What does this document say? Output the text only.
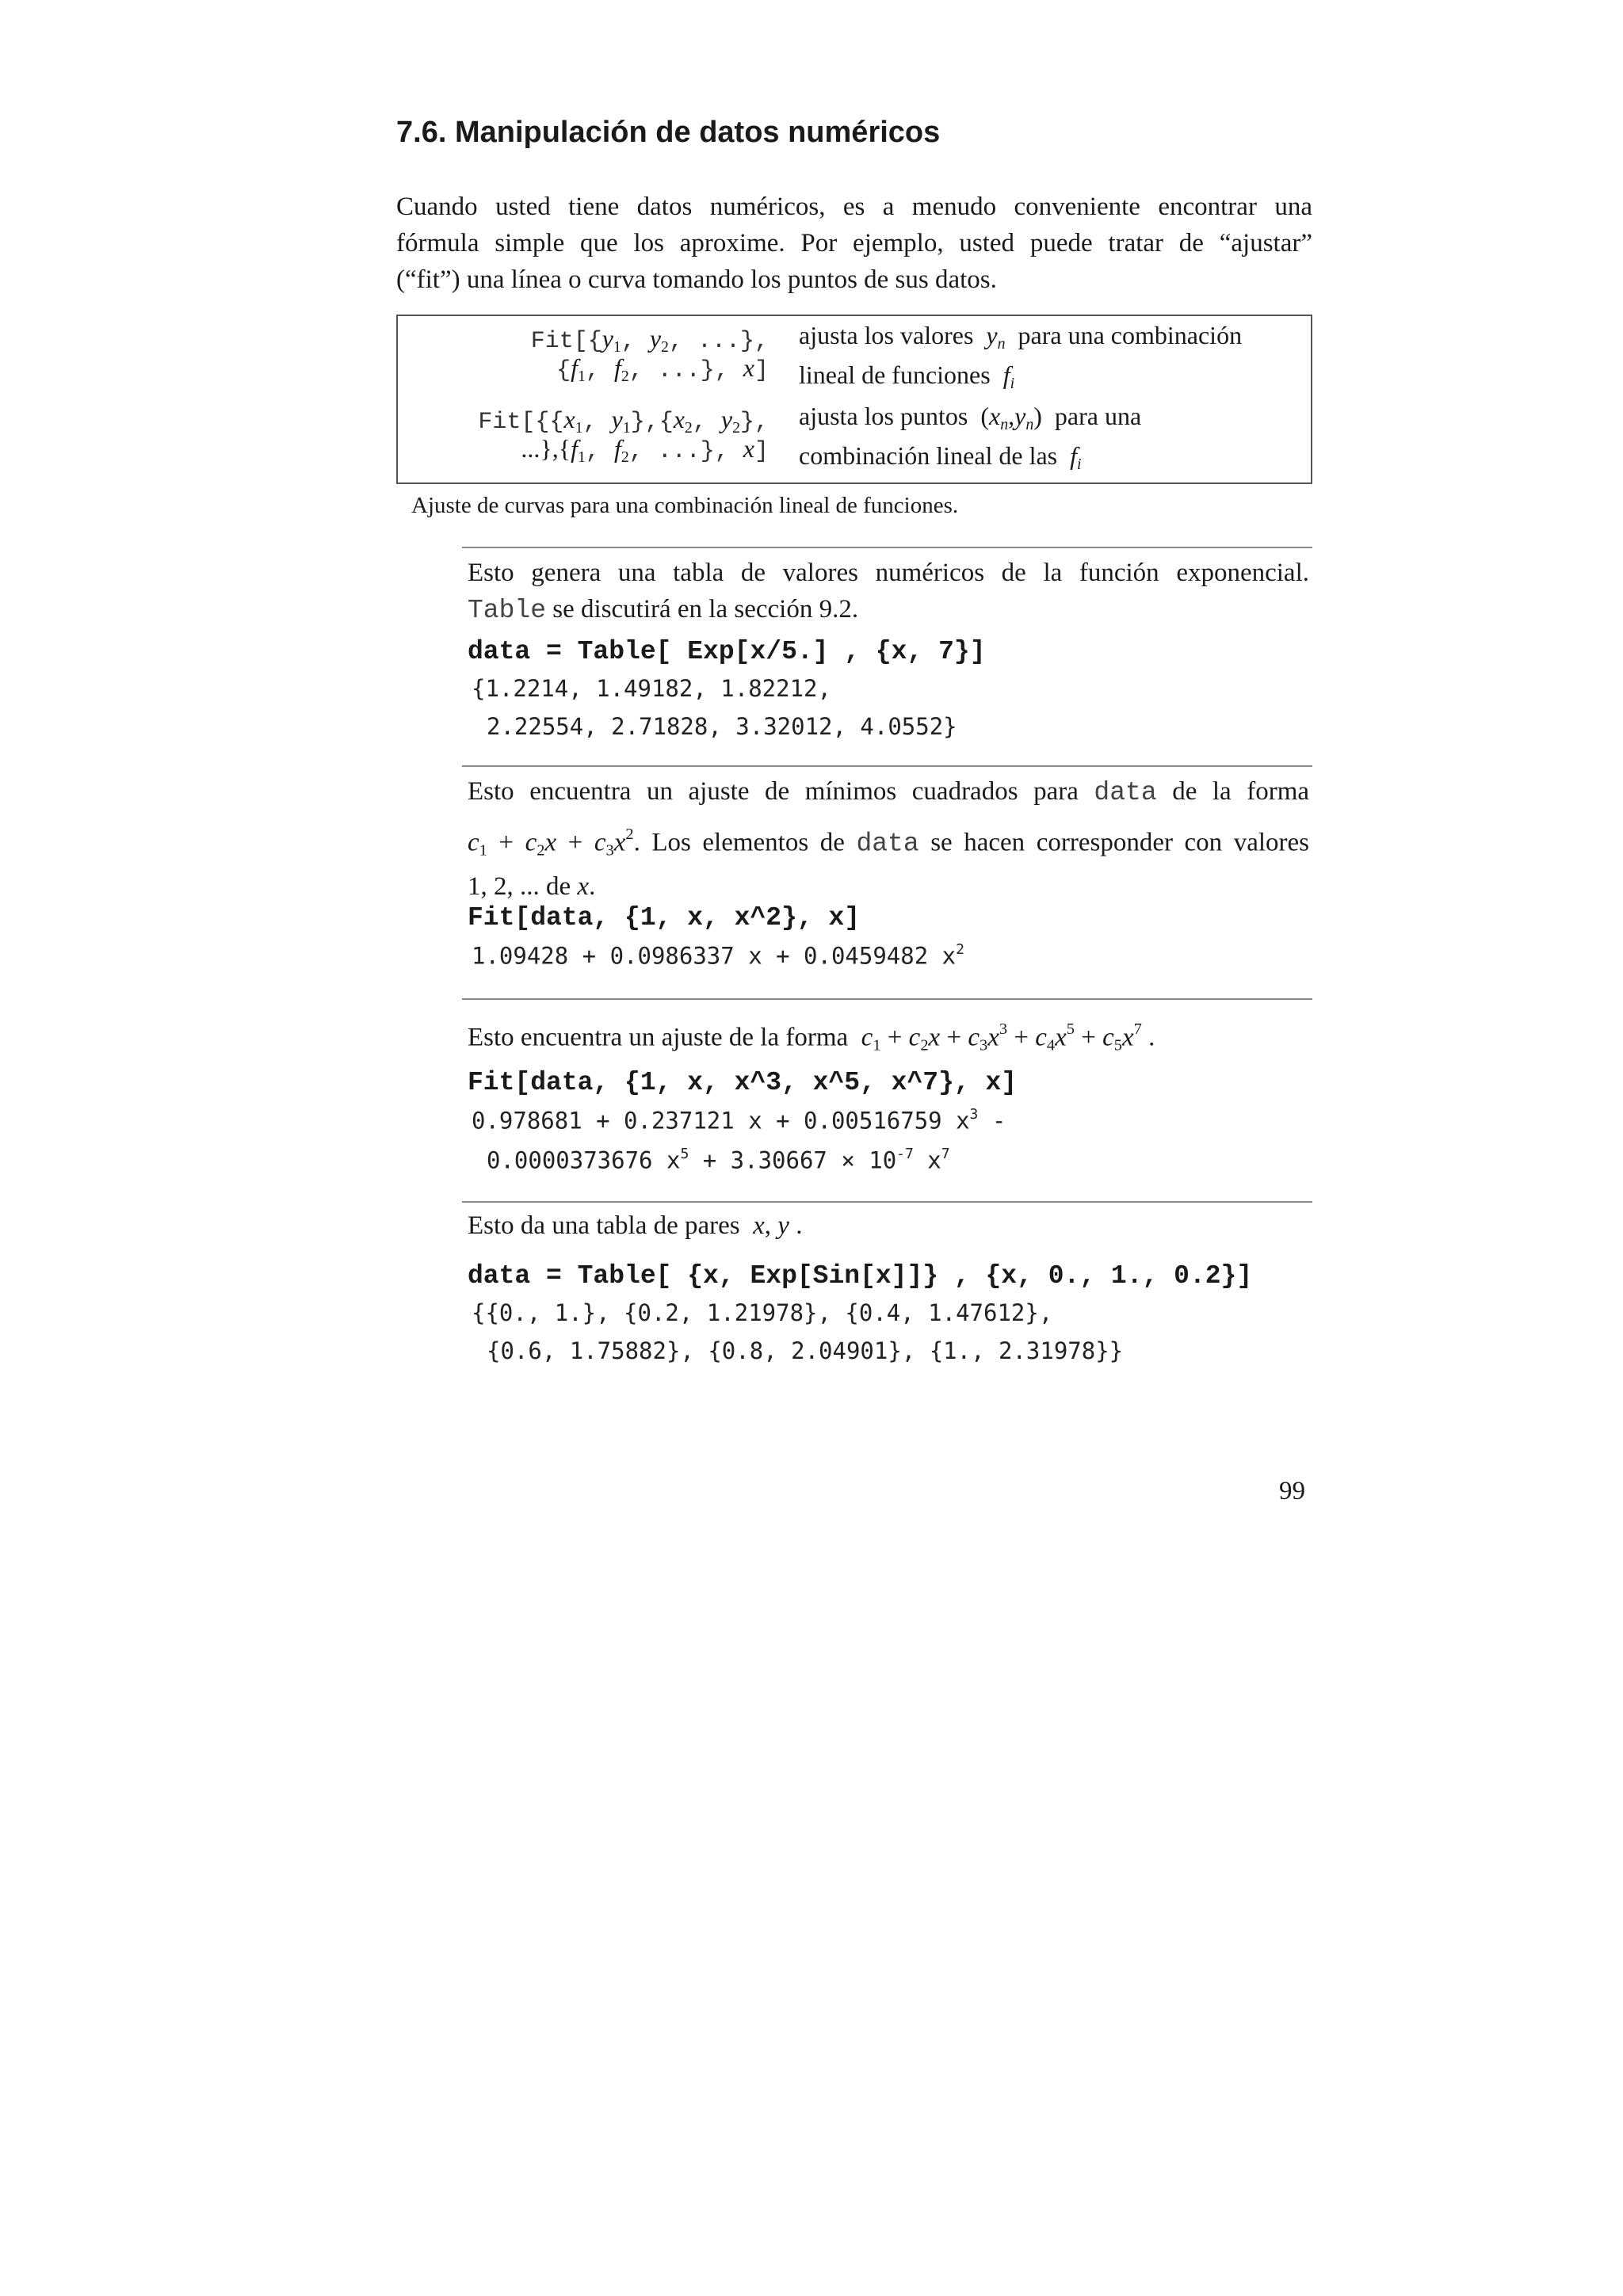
7.6. Manipulación de datos numéricos
Cuando usted tiene datos numéricos, es a menudo conveniente encontrar una
fórmula simple que los aproxime. Por ejemplo, usted puede tratar de “ajustar”
(“fit”) una línea o curva tomando los puntos de sus datos.
$Fit[\{y_1$, $y_2$, ...},
{$f_1$, $f_2$, ...}, x]
ajusta los valores $y_n$ para una combinación
lineal de funciones $f_i$
$Fit[\{\{x_1$, $y_1\},\{x_2$, $y_2$},
$...\},\{f_1$, $f_2$, ...}, x]
ajusta los puntos  $(x_n,y_n)$  para una
combinación lineal de las $f_i$
Ajuste de curvas para una combinación lineal de funciones.
Esto genera una tabla de valores numéricos de la función exponencial.
Table se discutirá en la sección 9.2.
data = Table[ Exp[x/5.] , {x, 7}]
{1.2214, 1.49182, 1.82212,
2.22554, 2.71828, 3.32012, 4.0552}
Esto encuentra un ajuste de mínimos cuadrados para data de la forma
$c_1 + c_2x + c_3x^2$. Los elementos de data se hacen corresponder con valores
1, 2, ... de x.
Fit[data, {1, x, x^2}, x]
1.09428 + 0.0986337 x + 0.0459482 $x^2$
Esto encuentra un ajuste de la forma $c_1 + c_2x + c_3x^3 + c_4x^5 + c_5x^7$ .
Fit[data, {1, x, x^3, x^5, x^7}, x]
0.978681 + 0.237121 x + 0.00516759 $x^3$ -
0.0000373676 $x^5 + 3.30667 \times 10^{-7}$ $x^7$
Esto da una tabla de pares x, y .
data = Table[ {x, Exp[Sin[x]]} , {x, 0., 1., 0.2}]
{{0., 1.}, {0.2, 1.21978}, {0.4, 1.47612},
{0.6, 1.75882}, {0.8, 2.04901}, {1., 2.31978}}
99
